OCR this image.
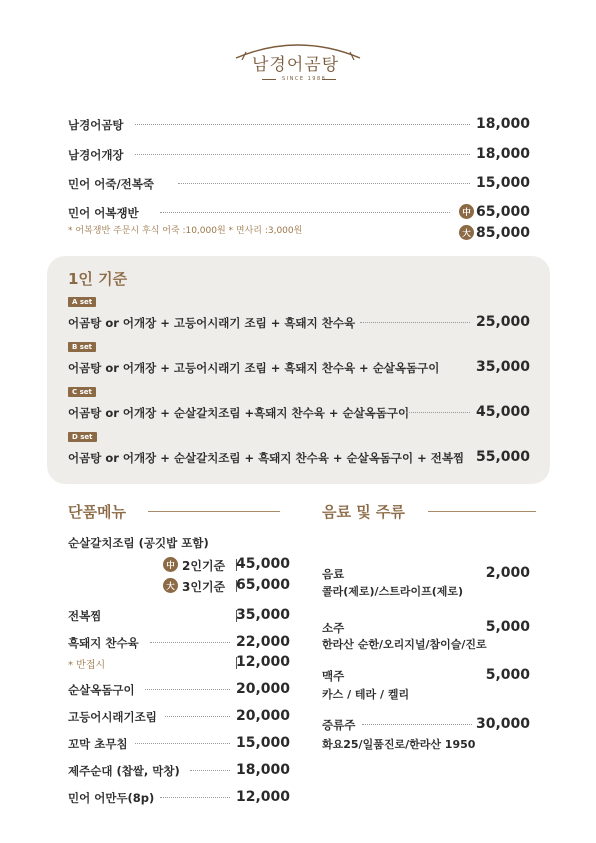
남경어곰탕
SINCE 1988
남경어곰탕	18,000
남경어개장	18,000
민어 어죽/전복죽	15,000
민어 어복쟁반	中 65,000
* 어복쟁반 주문시 후식 어죽 :10,000원 * 면사리 :3,000원	大 85,000
1인 기준
A set
어곰탕 or 어개장 + 고등어시래기 조림 + 흑돼지 찬수육	25,000
B set
어곰탕 or 어개장 + 고등어시래기 조림 + 흑돼지 찬수육 + 순살옥돔구이	35,000
C set
어곰탕 or 어개장 + 순살갈치조림 +흑돼지 찬수육 + 순살옥돔구이	45,000
D set
어곰탕 or 어개장 + 순살갈치조림 + 흑돼지 찬수육 + 순살옥돔구이 + 전복찜 55,000
단품메뉴
순살갈치조림 (공깃밥 포함)
中 2인기준 45,000
大 3인기준 65,000
전복찜	35,000
흑돼지 찬수육	22,000
* 반접시	12,000
순살옥돔구이	20,000
고등어시래기조림	20,000
꼬막 초무침	15,000
제주순대 (찹쌀, 막창)	18,000
민어 어만두(8p)	12,000
음료 및 주류
음료	2,000
콜라(제로)/스트라이프(제로)
소주	5,000
한라산 순한/오리지널/참이슬/진로
맥주	5,000
카스 / 테라 / 켈리
증류주	30,000
화요25/일품진로/한라산 1950
